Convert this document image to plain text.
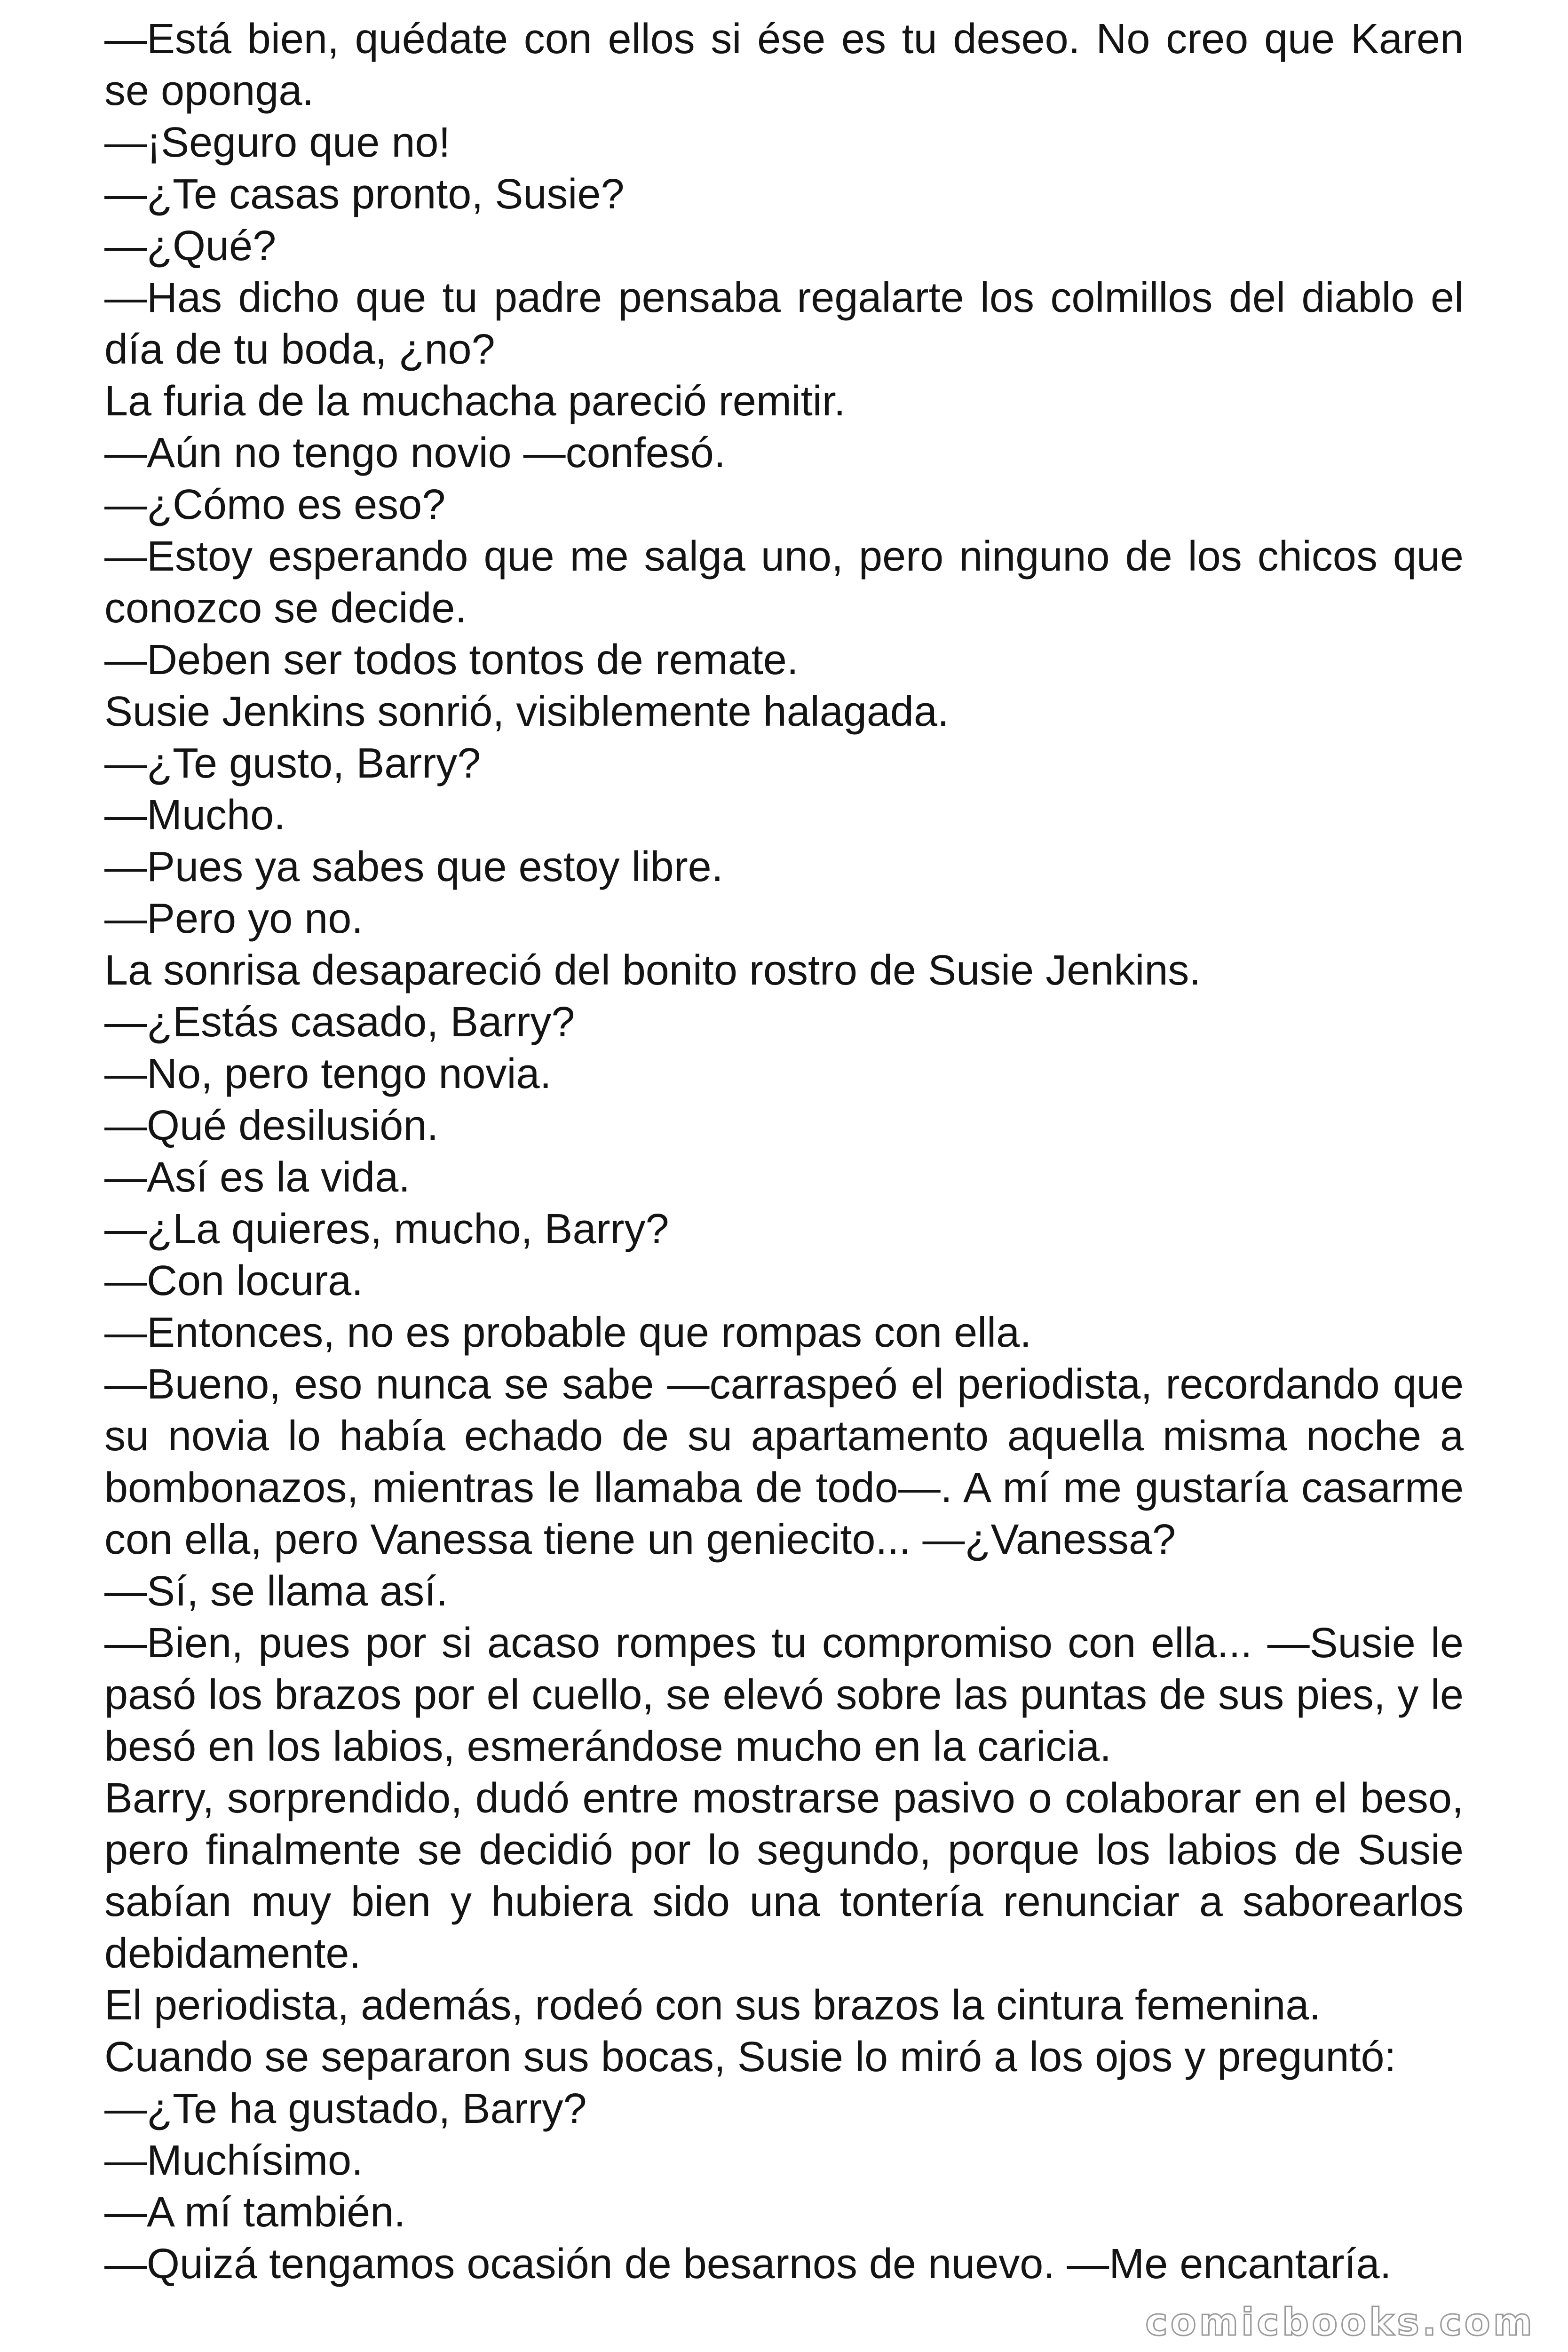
—Está bien, quédate con ellos si ése es tu deseo. No creo que Karen se oponga.

—¡Seguro que no!

—¿Te casas pronto, Susie?

—¿Qué?

—Has dicho que tu padre pensaba regalarte los colmillos del diablo el día de tu boda, ¿no?

La furia de la muchacha pareció remitir.

—Aún no tengo novio —confesó.

—¿Cómo es eso?

—Estoy esperando que me salga uno, pero ninguno de los chicos que conozco se decide.

—Deben ser todos tontos de remate.

Susie Jenkins sonrió, visiblemente halagada.

—¿Te gusto, Barry?

—Mucho.

—Pues ya sabes que estoy libre.

—Pero yo no.

La sonrisa desapareció del bonito rostro de Susie Jenkins.

—¿Estás casado, Barry?

—No, pero tengo novia.

—Qué desilusión.

—Así es la vida.

—¿La quieres, mucho, Barry?

—Con locura.

—Entonces, no es probable que rompas con ella.

—Bueno, eso nunca se sabe —carraspeó el periodista, recordando que su novia lo había echado de su apartamento aquella misma noche a bombonazos, mientras le llamaba de todo—. A mí me gustaría casarme con ella, pero Vanessa tiene un geniecito... —¿Vanessa?

—Sí, se llama así.

—Bien, pues por si acaso rompes tu compromiso con ella... —Susie le pasó los brazos por el cuello, se elevó sobre las puntas de sus pies, y le besó en los labios, esmerándose mucho en la caricia.

Barry, sorprendido, dudó entre mostrarse pasivo o colaborar en el beso, pero finalmente se decidió por lo segundo, porque los labios de Susie sabían muy bien y hubiera sido una tontería renunciar a saborearlos debidamente.

El periodista, además, rodeó con sus brazos la cintura femenina.

Cuando se separaron sus bocas, Susie lo miró a los ojos y preguntó:

—¿Te ha gustado, Barry?

—Muchísimo.

—A mí también.

—Quizá tengamos ocasión de besarnos de nuevo. —Me encantaría.

comicbooks.com
